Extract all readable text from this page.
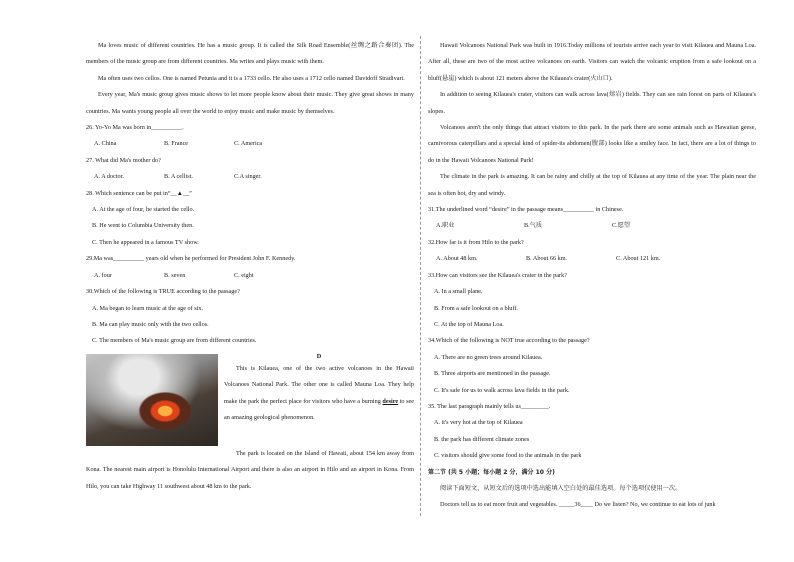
Ma loves music of different countries. He has a music group. It is called the Silk Road Ensemble(丝绸之路合奏团). The members of the music group are from different countries. Ma writes and plays music with them.

Ma often uses two cellos. One is named Petunia and it is a 1733 cello. He also uses a 1712 cello named Davidoff Stradivari.

Every year, Ma's music group gives music shows to let more people know about their music. They give great shows in many countries. Ma wants young people all over the world to enjoy music and make music by themselves.

26. Yo-Yo Ma was born in__________.

A. China	B. France	C. America

27. What did Ma's mother do?

A. A doctor.	B. A cellist.	C.A singer.

28. Which sentence can be put in“__▲__”

A. At the age of four, he started the cello.

B. He went to Columbia University then.

C. Then he appeared in a famous TV show.

29.Ma was__________ years old when he performed for President John F. Kennedy.

A. four	B. seven	C. eight

30.Which of the following is TRUE according to the passage?

A. Ma began to learn music at the age of six.

B. Ma can play music only with the two cellos.

C. The members of Ma's music group are from different countries.

D

This is Kilauea, one of the two active volcanoes in the Hawaii Volcanoes National Park. The other one is called Mauna Loa. They help make the park the perfect place for visitors who have a burning desire to see an amazing geological phenomenon.

The park is located on the Island of Hawaii, about 154 km away from Kona. The nearest main airport is Honolulu International Airport and there is also an airport in Hilo and an airport in Kona. From Hilo, you can take Highway 11 southwest about 48 km to the park.

Hawaii Volcanoes National Park was built in 1916.Today millions of tourists arrive each year to visit Kilauea and Mauna Loa. After all, these are two of the most active volcanoes on earth. Visitors can watch the volcanic eruption from a safe lookout on a bluff(悬崖) which is about 121 meters above the Kilauea's crater(火山口).

In addition to seeing Kilauea's crater, visitors can walk across lava(熔岩) fields. They can see rain forest on parts of Kilauea's slopes.

Volcanoes aren't the only things that attract visitors to this park. In the park there are some animals such as Hawaiian geese, carnivorous caterpillars and a special kind of spider-its abdomen(腹部) looks like a smiley face. In fact, there are a lot of things to do in the Hawaii Volcanoes National Park!

The climate in the park is amazing. It can be rainy and chilly at the top of Kilauea at any time of the year. The plain near the sea is often hot, dry and windy.

31.The underlined word “desire” in the passage means__________ in Chinese.

A.职业	B.气质	C.愿望

32.How far is it from Hilo to the park?

A. About 48 km.	B. About 66 km.	C. About 121 km.

33.How can visitors see the Kilauea's crater in the park?

A. In a small plane.

B. From a safe lookout on a bluff.

C. At the top of Mauna Loa.

34.Which of the following is NOT true according to the passage?

A. There are no green trees around Kilauea.

B. Three airports are mentioned in the passage.

C. It's safe for us to walk across lava fields in the park.

35. The last paragraph mainly tells us_________.

A. it's very hot at the top of Kilauea

B. the park has different climate zones

C. visitors should give some food to the animals in the park

第二节 (共 5 小题；每小题 2 分，满分 10 分)

阅读下面短文，从短文后的选项中选出能填入空白处的最佳选项。每个选项仅使用一次。

Doctors tell us to eat more fruit and vegetables. _____36____ Do we listen? No, we continue to eat lots of junk
